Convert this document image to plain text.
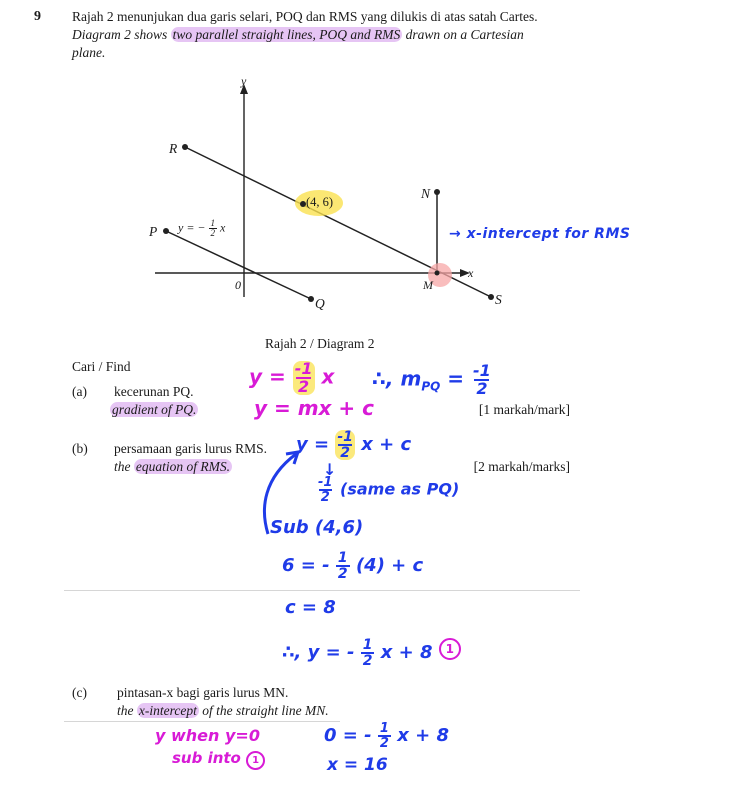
9 Rajah 2 menunjukan dua garis selari, POQ dan RMS yang dilukis di atas satah Cartes.
Diagram 2 shows two parallel straight lines, POQ and RMS drawn on a Cartesian
plane.
y
x
0
R
N
P
M
Q	S
(4, 6)
y = − $\frac{1}{2}$ x	→ x-intercept for RMS
Rajah 2 / Diagram 2
Cari / Find
(a) kecerunan PQ.
gradient of PQ.	[1 markah/mark]
(b) persamaan garis lurus RMS.
the equation of RMS.	[2 markah/marks]
(c) pintasan-x bagi garis lurus MN.
the x-intercept of the straight line MN.
$y = \frac{-1}{2}$ x ∴, $m_{PQ} = \frac{-1}{2}$
y = mx + c
$y = \frac{-1}{2}$ x + c
↓
$\frac{-1}{2}$ (same as PQ)
Sub (4,6)
6 = - $\frac{1}{2} (4) + c$
c = 8
∴, y = - $\frac{1}{2}$ x + 8 1
y when y=0
sub into 1
0 = - $\frac{1}{2}$ x + 8
x = 16
